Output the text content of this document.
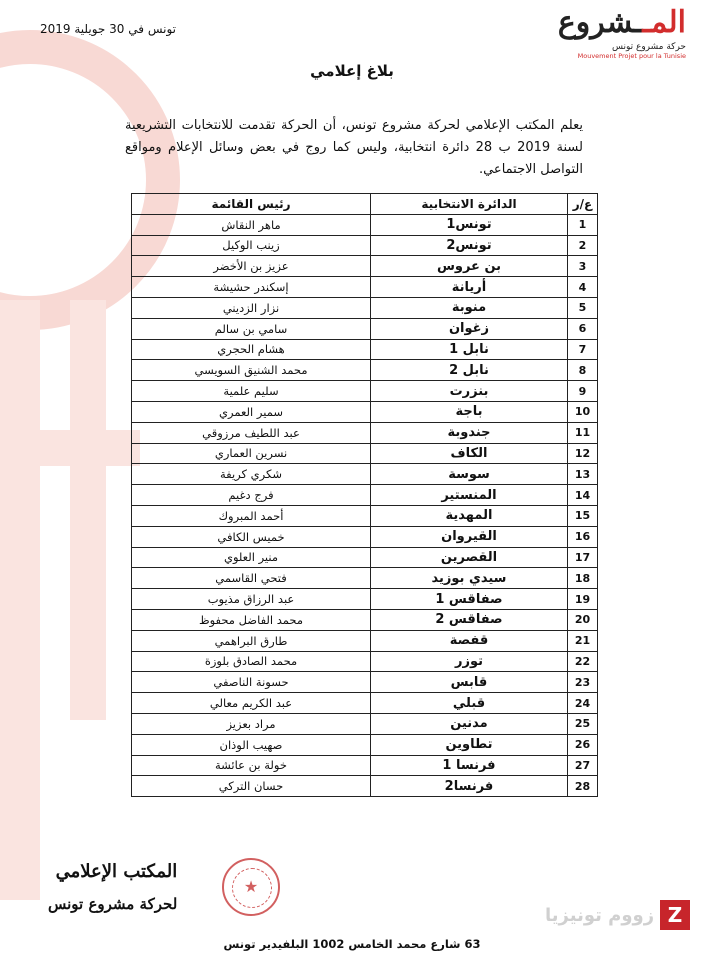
تونس في 30 جويلية 2019	المــشروع
حركة مشروع تونس
Mouvement Projet pour la Tunisie
بلاغ إعلامي
يعلم المكتب الإعلامي لحركة مشروع تونس، أن الحركة تقدمت للانتخابات التشريعية لسنة 2019 ب 28 دائرة انتخابية، وليس كما روج في بعض وسائل الإعلام ومواقع التواصل الاجتماعي.
ع/ر	الدائرة الانتخابية	رئيس القائمة
1	تونس1	ماهر النقاش
2	تونس2	زينب الوكيل
3	بن عروس	عزيز بن الأخضر
4	أريانة	إسكندر حشيشة
5	منوبة	نزار الزديني
6	زغوان	سامي بن سالم
7	نابل 1	هشام الحجري
8	نابل 2	محمد الشنيق السويسي
9	بنزرت	سليم علمية
10	باجة	سمير العمري
11	جندوبة	عبد اللطيف مرزوقي
12	الكاف	نسرين العماري
13	سوسة	شكري كريفة
14	المنستير	فرج دغيم
15	المهدية	أحمد المبروك
16	القيروان	خميس الكافي
17	القصرين	منير العلوي
18	سيدي بوزيد	فتحي القاسمي
19	صفاقس 1	عبد الرزاق مذيوب
20	صفاقس 2	محمد الفاضل محفوظ
21	قفصة	طارق البراهمي
22	توزر	محمد الصادق بلوزة
23	قابس	حسونة الناصفي
24	قبلي	عبد الكريم معالي
25	مدنين	مراد بعزيز
26	تطاوين	صهيب الوذان
27	فرنسا 1	خولة بن عائشة
28	فرنسا2	حسان التركي
المكتب الإعلامي
لحركة مشروع تونس
★
زووم تونيزيا Z
63 شارع محمد الخامس 1002 البلفيدير تونس
